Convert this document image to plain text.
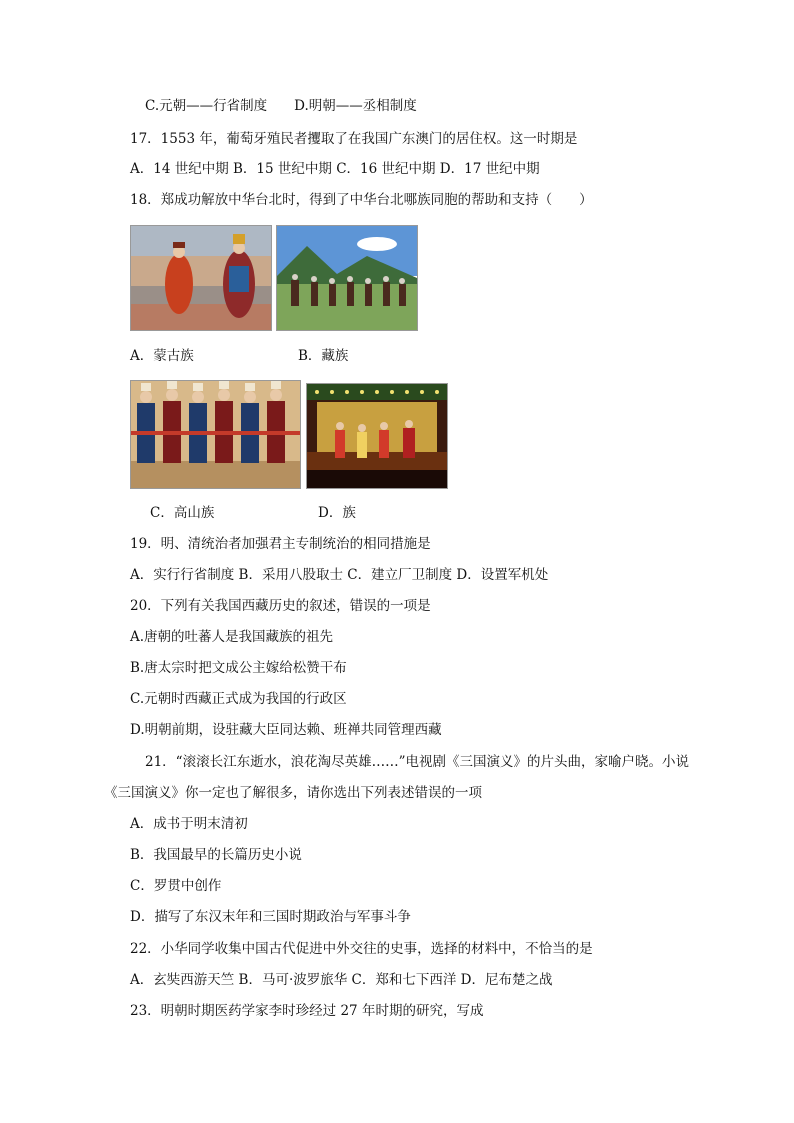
C.元朝——行省制度　　D.明朝——丞相制度
17．1553 年，葡萄牙殖民者攫取了在我国广东澳门的居住权。这一时期是
A．14 世纪中期 B．15 世纪中期 C．16 世纪中期 D．17 世纪中期
18．郑成功解放中华台北时，得到了中华台北哪族同胞的帮助和支持（　　）
A．蒙古族	B．藏族
C．高山族	D．族
19．明、清统治者加强君主专制统治的相同措施是
A．实行行省制度 B．采用八股取士 C．建立厂卫制度 D．设置军机处
20．下列有关我国西藏历史的叙述，错误的一项是
A.唐朝的吐蕃人是我国藏族的祖先
B.唐太宗时把文成公主嫁给松赞干布
C.元朝时西藏正式成为我国的行政区
D.明朝前期，设驻藏大臣同达赖、班禅共同管理西藏
21．“滚滚长江东逝水，浪花淘尽英雄……”电视剧《三国演义》的片头曲，家喻户晓。小说
《三国演义》你一定也了解很多，请你选出下列表述错误的一项
A．成书于明末清初
B．我国最早的长篇历史小说
C．罗贯中创作
D．描写了东汉末年和三国时期政治与军事斗争
22．小华同学收集中国古代促进中外交往的史事，选择的材料中，不恰当的是
A．玄奘西游天竺 B．马可·波罗旅华 C．郑和七下西洋 D．尼布楚之战
23．明朝时期医药学家李时珍经过 27 年时期的研究，写成
